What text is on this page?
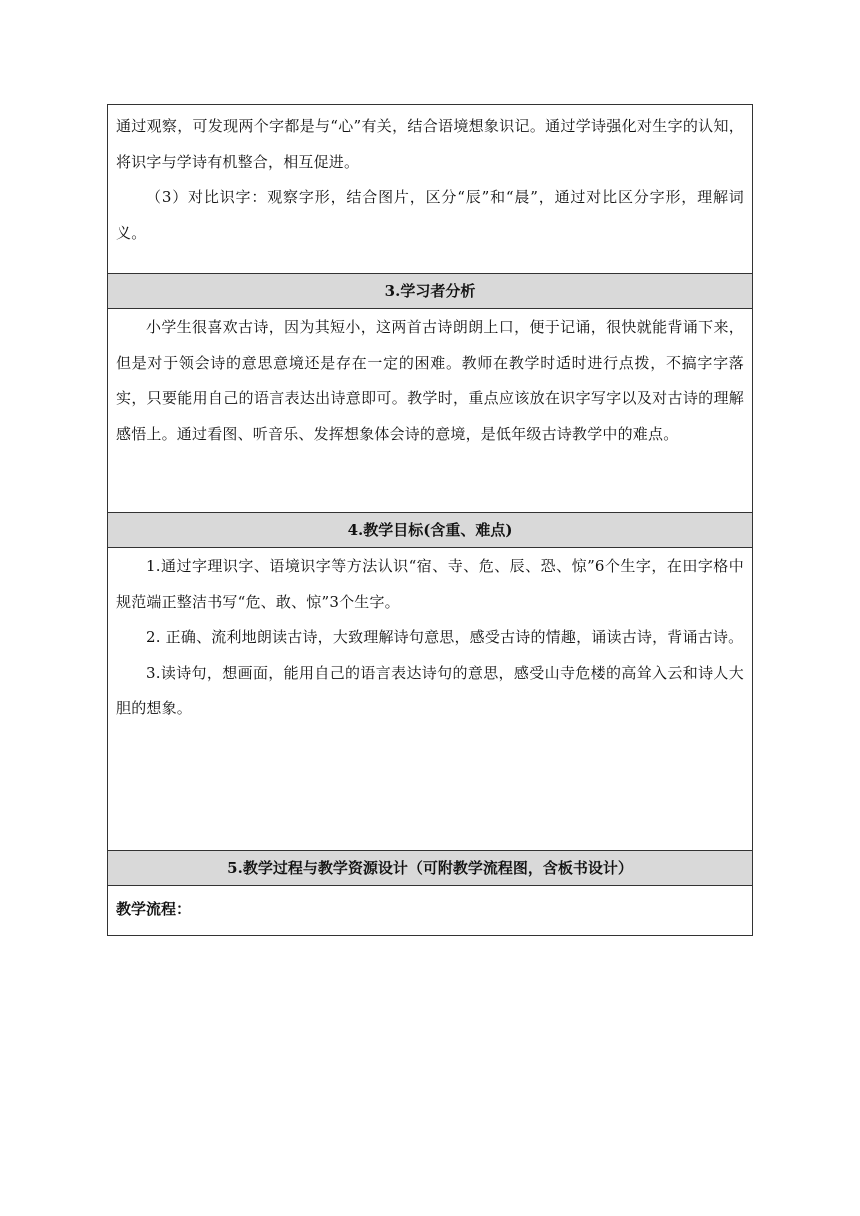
通过观察，可发现两个字都是与“心”有关，结合语境想象识记。通过学诗强化对生字的认知，将识字与学诗有机整合，相互促进。

（3）对比识字：观察字形，结合图片，区分“辰”和“晨”，通过对比区分字形，理解词义。

3.学习者分析

小学生很喜欢古诗，因为其短小，这两首古诗朗朗上口，便于记诵，很快就能背诵下来，但是对于领会诗的意思意境还是存在一定的困难。教师在教学时适时进行点拨，不搞字字落实，只要能用自己的语言表达出诗意即可。教学时，重点应该放在识字写字以及对古诗的理解感悟上。通过看图、听音乐、发挥想象体会诗的意境，是低年级古诗教学中的难点。

4.教学目标(含重、难点)

1.通过字理识字、语境识字等方法认识“宿、寺、危、辰、恐、惊”6个生字，在田字格中规范端正整洁书写“危、敢、惊”3个生字。

2. 正确、流利地朗读古诗，大致理解诗句意思，感受古诗的情趣，诵读古诗，背诵古诗。

3.读诗句，想画面，能用自己的语言表达诗句的意思，感受山寺危楼的高耸入云和诗人大胆的想象。

5.教学过程与教学资源设计（可附教学流程图，含板书设计）

教学流程：
